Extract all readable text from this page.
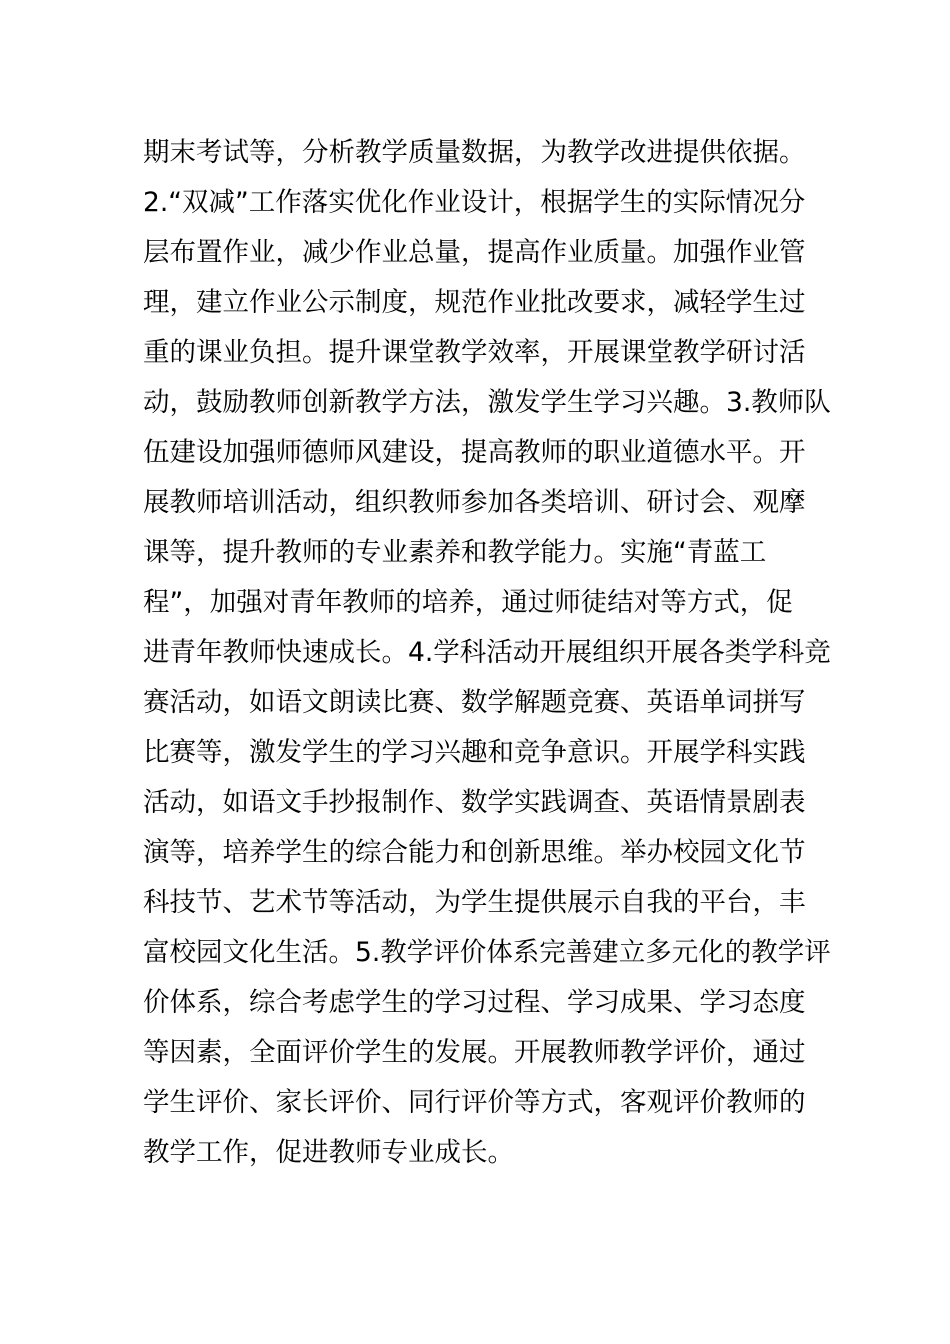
期末考试等，分析教学质量数据，为教学改进提供依据。
2.“双减”工作落实优化作业设计，根据学生的实际情况分
层布置作业，减少作业总量，提高作业质量。加强作业管
理，建立作业公示制度，规范作业批改要求，减轻学生过
重的课业负担。提升课堂教学效率，开展课堂教学研讨活
动，鼓励教师创新教学方法，激发学生学习兴趣。3.教师队
伍建设加强师德师风建设，提高教师的职业道德水平。开
展教师培训活动，组织教师参加各类培训、研讨会、观摩
课等，提升教师的专业素养和教学能力。实施“青蓝工
程”，加强对青年教师的培养，通过师徒结对等方式，促
进青年教师快速成长。4.学科活动开展组织开展各类学科竞
赛活动，如语文朗读比赛、数学解题竞赛、英语单词拼写
比赛等，激发学生的学习兴趣和竞争意识。开展学科实践
活动，如语文手抄报制作、数学实践调查、英语情景剧表
演等，培养学生的综合能力和创新思维。举办校园文化节
科技节、艺术节等活动，为学生提供展示自我的平台，丰
富校园文化生活。5.教学评价体系完善建立多元化的教学评
价体系，综合考虑学生的学习过程、学习成果、学习态度
等因素，全面评价学生的发展。开展教师教学评价，通过
学生评价、家长评价、同行评价等方式，客观评价教师的
教学工作，促进教师专业成长。
